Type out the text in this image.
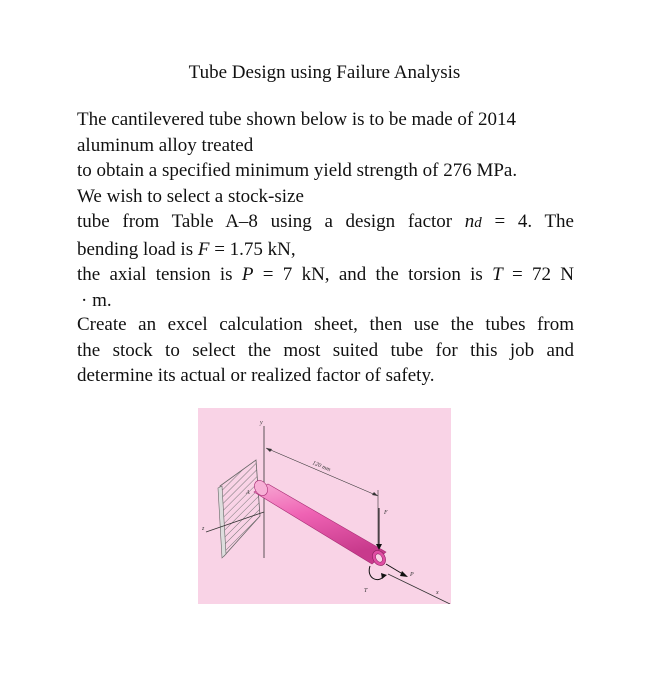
Tube Design using Failure Analysis
The cantilevered tube shown below is to be made of 2014
aluminum alloy treated
to obtain a specified minimum yield strength of 276 MPa.
We wish to select a stock-size
tube from Table A–8 using a design factor nd = 4. The
bending load is F = 1.75 kN,
the axial tension is P = 7 kN, and the torsion is T = 72 N
· m.
Create an excel calculation sheet, then use the tubes from
the stock to select the most suited tube for this job and
determine its actual or realized factor of safety.
y
z
x
120 mm
A
F
P
T
